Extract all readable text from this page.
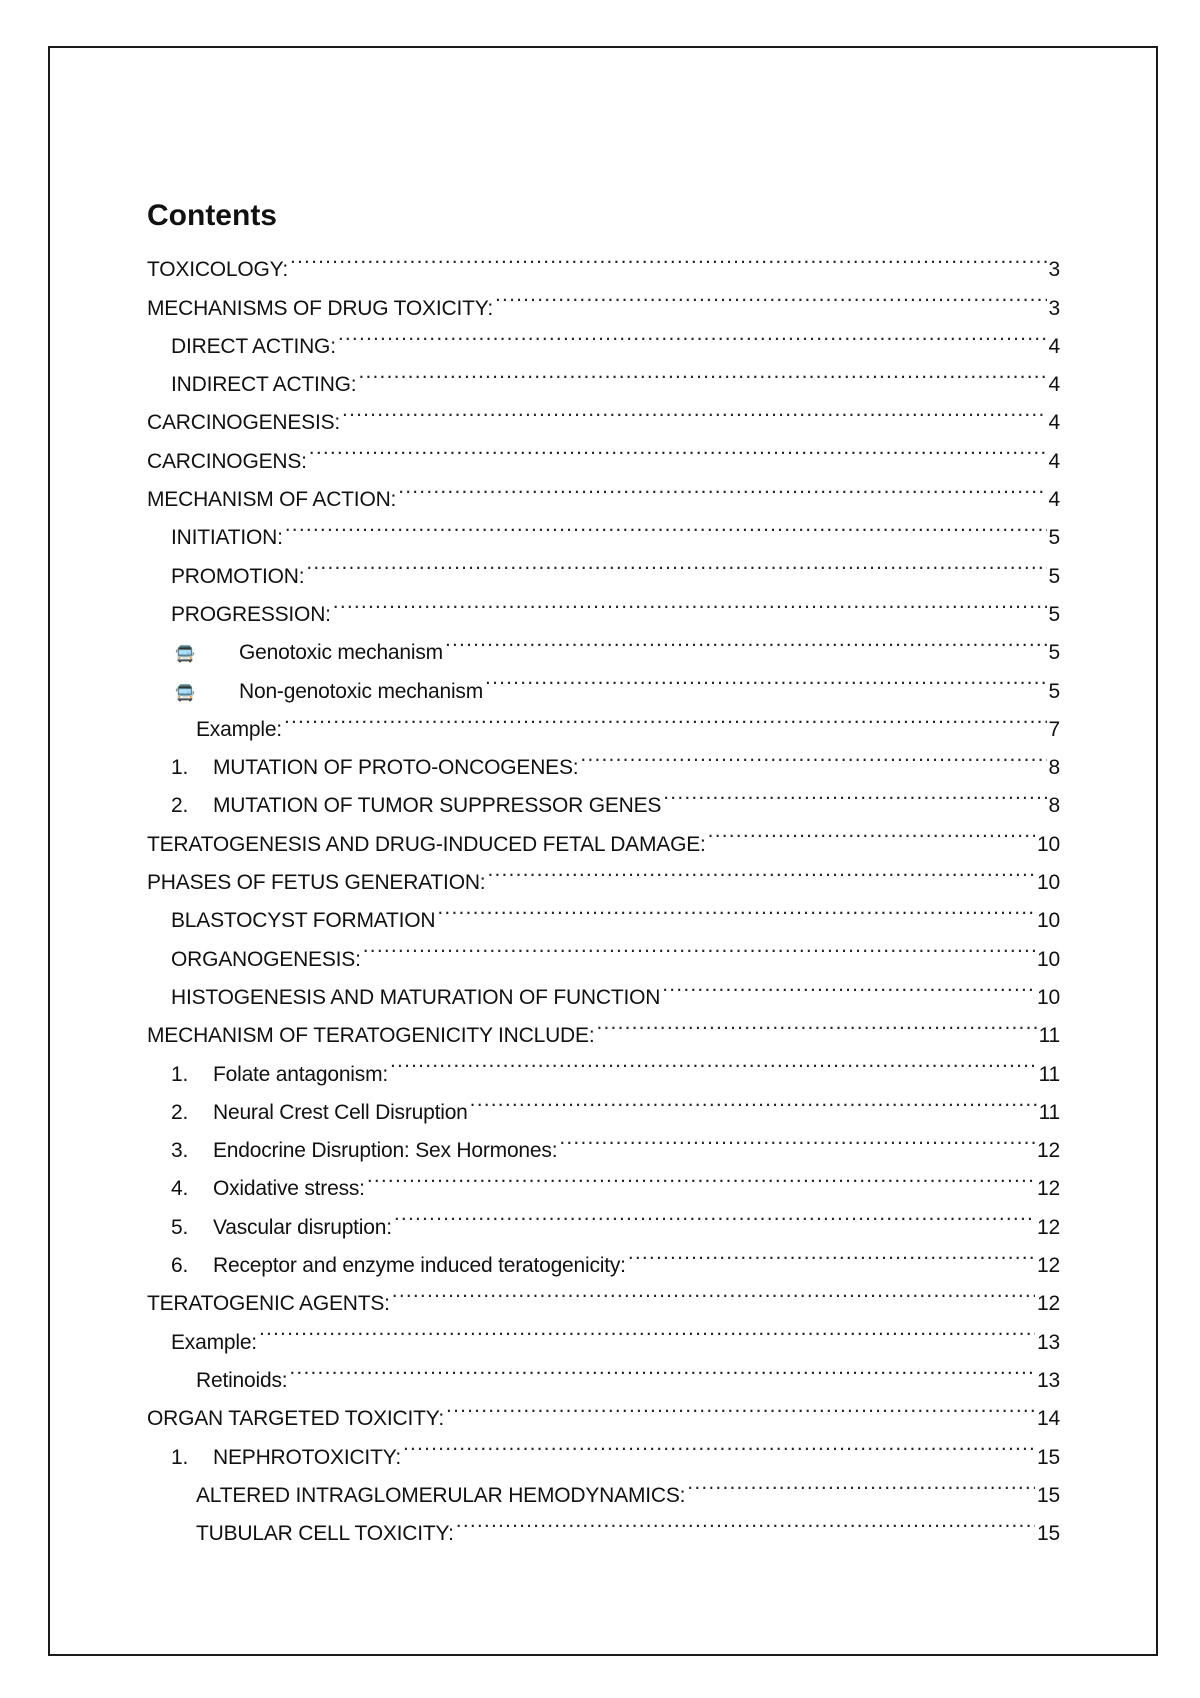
Contents
TOXICOLOGY: .....	3
MECHANISMS OF DRUG TOXICITY: .....	3
DIRECT ACTING: .....	4
INDIRECT ACTING: .....	4
CARCINOGENESIS: .....	4
CARCINOGENS: .....	4
MECHANISM OF ACTION: .....	4
INITIATION: .....	5
PROMOTION: .....	5
PROGRESSION: .....	5
🚍	Genotoxic mechanism .....	5
🚍	Non-genotoxic mechanism .....	5
Example: .....	7
1.	MUTATION OF PROTO-ONCOGENES: .....	8
2.	MUTATION OF TUMOR SUPPRESSOR GENES .....	8
TERATOGENESIS AND DRUG-INDUCED FETAL DAMAGE: .....	10
PHASES OF FETUS GENERATION: .....	10
BLASTOCYST FORMATION .....	10
ORGANOGENESIS: .....	10
HISTOGENESIS AND MATURATION OF FUNCTION .....	10
MECHANISM OF TERATOGENICITY INCLUDE: .....	11
1.	Folate antagonism: .....	11
2.	Neural Crest Cell Disruption .....	11
3.	Endocrine Disruption: Sex Hormones: .....	12
4.	Oxidative stress: .....	12
5.	Vascular disruption: .....	12
6.	Receptor and enzyme induced teratogenicity: .....	12
TERATOGENIC AGENTS: .....	12
Example: .....	13
Retinoids: .....	13
ORGAN TARGETED TOXICITY: .....	14
1.	NEPHROTOXICITY: .....	15
ALTERED INTRAGLOMERULAR HEMODYNAMICS: .....	15
TUBULAR CELL TOXICITY: .....	15
